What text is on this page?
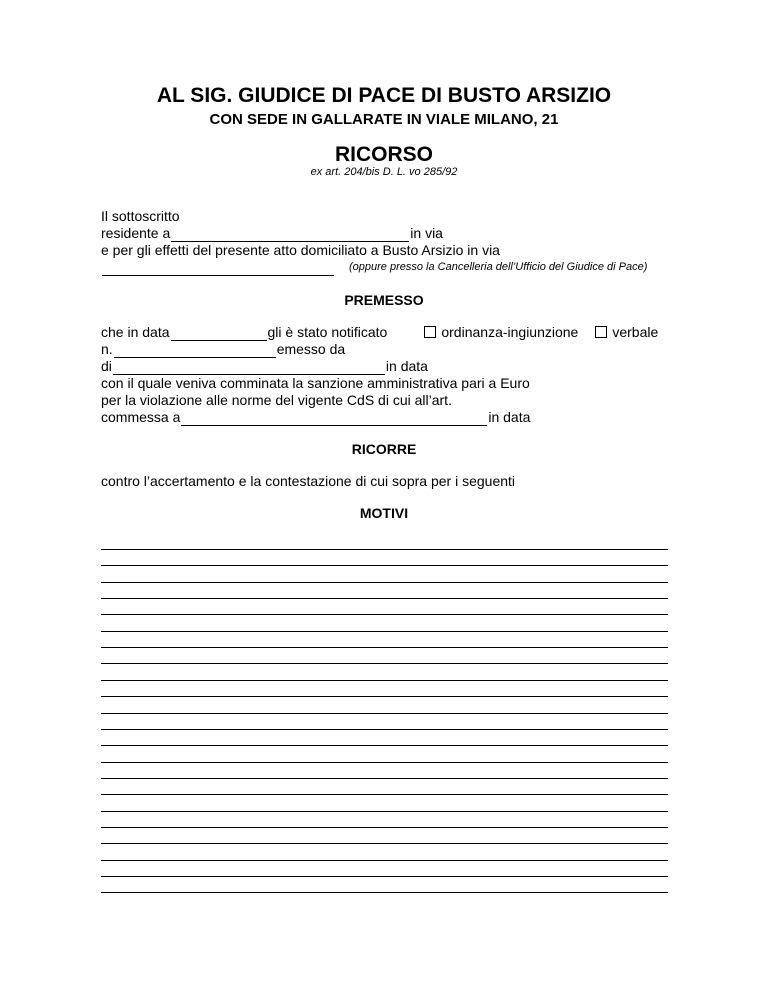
AL SIG. GIUDICE DI PACE DI BUSTO ARSIZIO
CON SEDE IN GALLARATE IN VIALE MILANO, 21
RICORSO
ex art. 204/bis D. L. vo 285/92
Il sottoscritto
residente a	in via
e per gli effetti del presente atto domiciliato a Busto Arsizio in via
(oppure presso la Cancelleria dell’Ufficio del Giudice di Pace)
PREMESSO
che in data	gli è stato notificato	ordinanza-ingiunzione	verbale
n.	emesso da
di	in data
con il quale veniva comminata la sanzione amministrativa pari a Euro
per la violazione alle norme del vigente CdS di cui all’art.
commessa a	in data
RICORRE
contro l’accertamento e la contestazione di cui sopra per i seguenti
MOTIVI
